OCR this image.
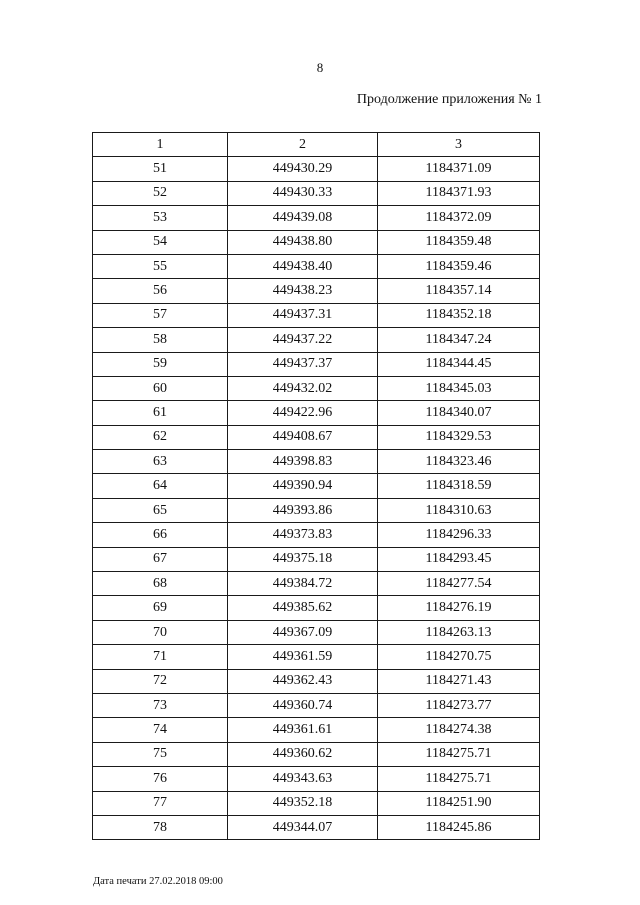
8
Продолжение приложения № 1
1	2	3
51	449430.29	1184371.09
52	449430.33	1184371.93
53	449439.08	1184372.09
54	449438.80	1184359.48
55	449438.40	1184359.46
56	449438.23	1184357.14
57	449437.31	1184352.18
58	449437.22	1184347.24
59	449437.37	1184344.45
60	449432.02	1184345.03
61	449422.96	1184340.07
62	449408.67	1184329.53
63	449398.83	1184323.46
64	449390.94	1184318.59
65	449393.86	1184310.63
66	449373.83	1184296.33
67	449375.18	1184293.45
68	449384.72	1184277.54
69	449385.62	1184276.19
70	449367.09	1184263.13
71	449361.59	1184270.75
72	449362.43	1184271.43
73	449360.74	1184273.77
74	449361.61	1184274.38
75	449360.62	1184275.71
76	449343.63	1184275.71
77	449352.18	1184251.90
78	449344.07	1184245.86
Дата печати 27.02.2018 09:00
